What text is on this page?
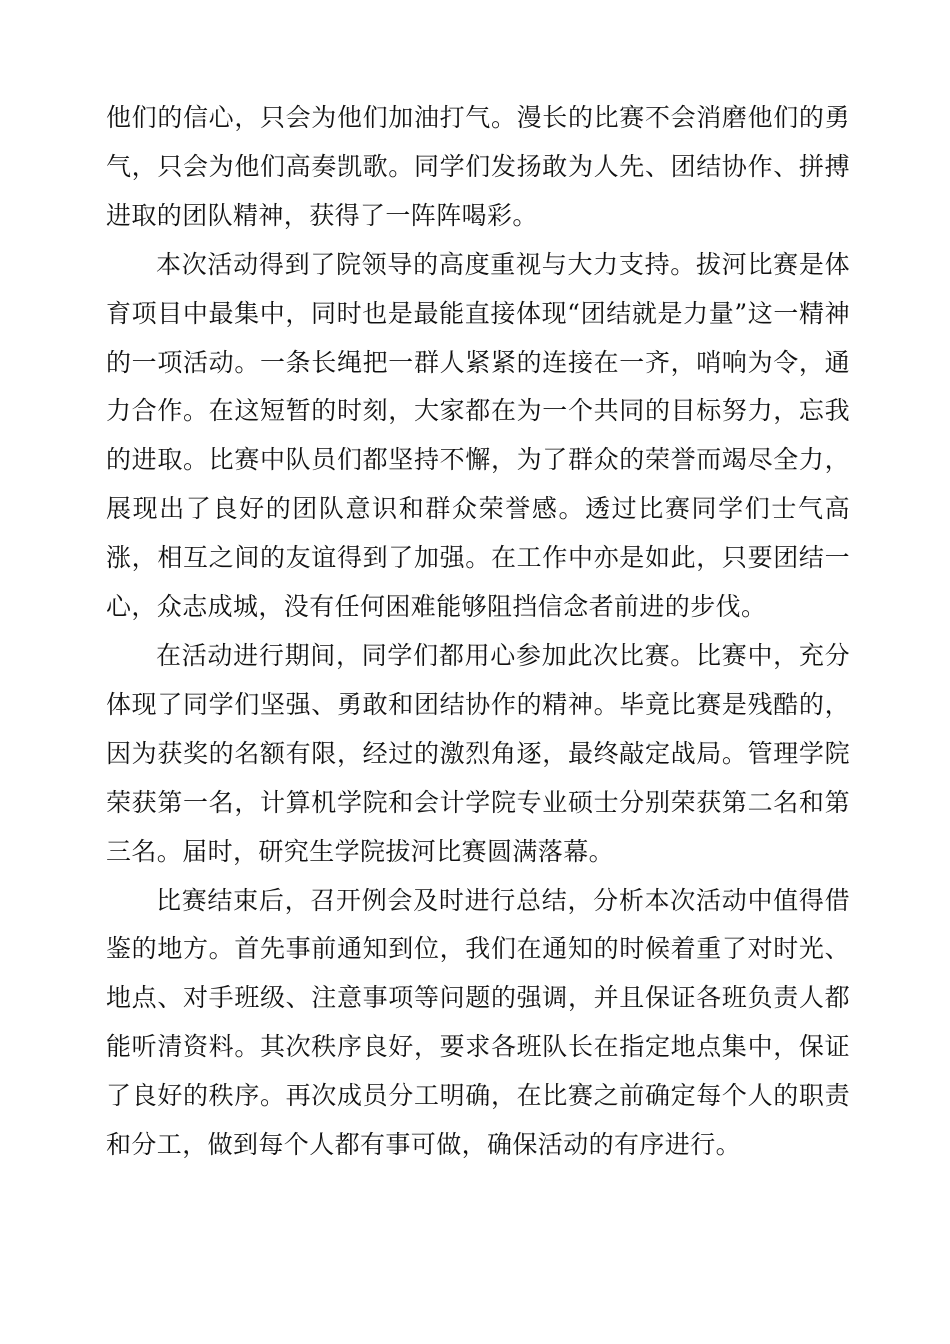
他们的信心，只会为他们加油打气。漫长的比赛不会消磨他们的勇气，只会为他们高奏凯歌。同学们发扬敢为人先、团结协作、拼搏进取的团队精神，获得了一阵阵喝彩。

本次活动得到了院领导的高度重视与大力支持。拔河比赛是体育项目中最集中，同时也是最能直接体现“团结就是力量”这一精神的一项活动。一条长绳把一群人紧紧的连接在一齐，哨响为令，通力合作。在这短暂的时刻，大家都在为一个共同的目标努力，忘我的进取。比赛中队员们都坚持不懈，为了群众的荣誉而竭尽全力，展现出了良好的团队意识和群众荣誉感。透过比赛同学们士气高涨，相互之间的友谊得到了加强。在工作中亦是如此，只要团结一心，众志成城，没有任何困难能够阻挡信念者前进的步伐。

在活动进行期间，同学们都用心参加此次比赛。比赛中，充分体现了同学们坚强、勇敢和团结协作的精神。毕竟比赛是残酷的，因为获奖的名额有限，经过的激烈角逐，最终敲定战局。管理学院荣获第一名，计算机学院和会计学院专业硕士分别荣获第二名和第三名。届时，研究生学院拔河比赛圆满落幕。

比赛结束后，召开例会及时进行总结，分析本次活动中值得借鉴的地方。首先事前通知到位，我们在通知的时候着重了对时光、地点、对手班级、注意事项等问题的强调，并且保证各班负责人都能听清资料。其次秩序良好，要求各班队长在指定地点集中，保证了良好的秩序。再次成员分工明确，在比赛之前确定每个人的职责和分工，做到每个人都有事可做，确保活动的有序进行。
